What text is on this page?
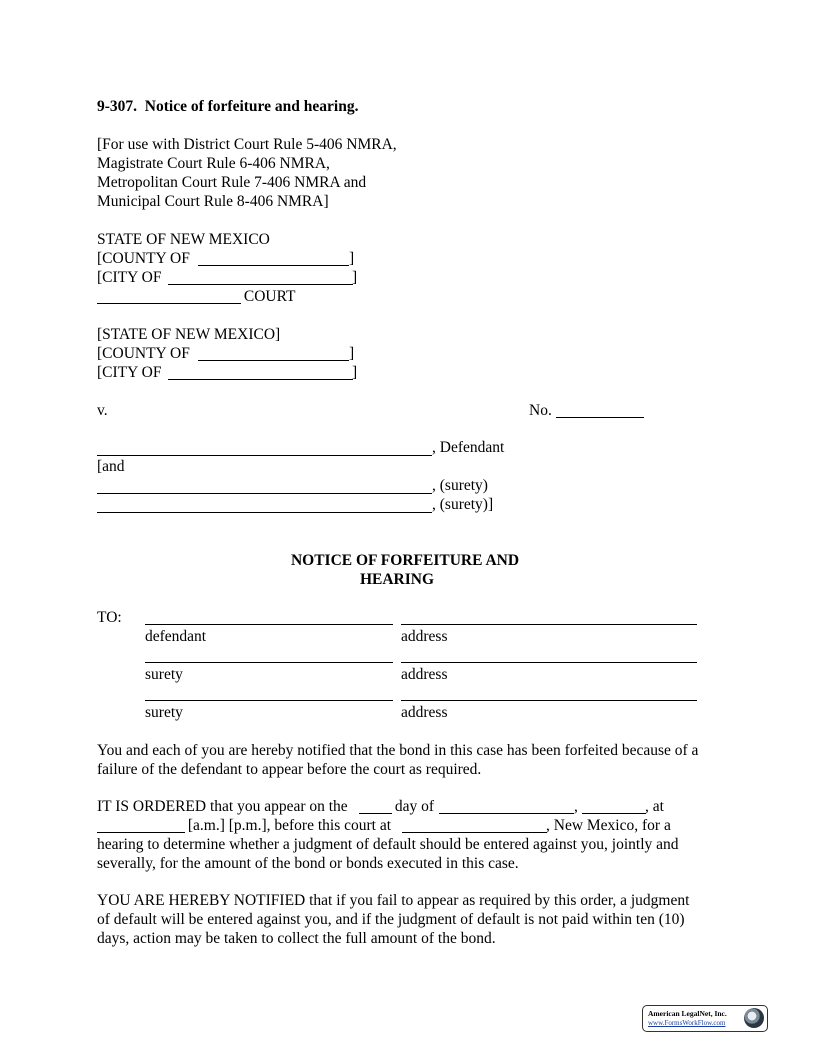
9-307.  Notice of forfeiture and hearing.
[For use with District Court Rule 5-406 NMRA,
Magistrate Court Rule 6-406 NMRA,
Metropolitan Court Rule 7-406 NMRA and
Municipal Court Rule 8-406 NMRA]
STATE OF NEW MEXICO
[COUNTY OF	]
[CITY OF	]
COURT
[STATE OF NEW MEXICO]
[COUNTY OF	]
[CITY OF	]
v.	No.
, Defendant
[and
, (surety)
, (surety)]
NOTICE OF FORFEITURE AND
HEARING
TO:
defendant	address
surety	address
surety	address
You and each of you are hereby notified that the bond in this case has been forfeited because of a
failure of the defendant to appear before the court as required.
IT IS ORDERED that you appear on the	day of	,	, at
[a.m.] [p.m.], before this court at	, New Mexico, for a
hearing to determine whether a judgment of default should be entered against you, jointly and
severally, for the amount of the bond or bonds executed in this case.
YOU ARE HEREBY NOTIFIED that if you fail to appear as required by this order, a judgment
of default will be entered against you, and if the judgment of default is not paid within ten (10)
days, action may be taken to collect the full amount of the bond.
American LegalNet, Inc.
www.FormsWorkFlow.com
